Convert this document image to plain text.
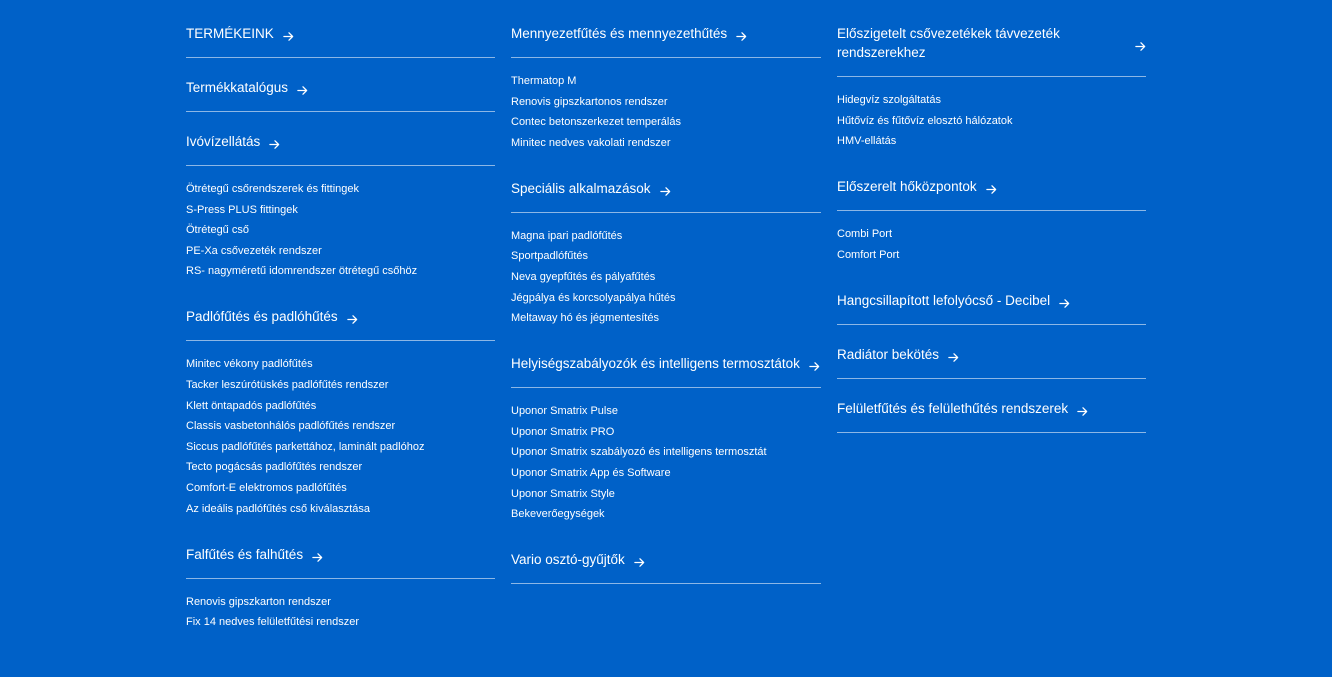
TERMÉKEINK
Termékkatalógus
Ivóvízellátás
Ötrétegű csőrendszerek és fittingek
S-Press PLUS fittingek
Ötrétegű cső
PE-Xa csővezeték rendszer
RS- nagyméretű idomrendszer ötrétegű csőhöz
Padlófűtés és padlóhűtés
Minitec vékony padlófűtés
Tacker leszúrótüskés padlófűtés rendszer
Klett öntapadós padlófűtés
Classis vasbetonhálós padlófűtés rendszer
Siccus padlófűtés parkettához, laminált padlóhoz
Tecto pogácsás padlófűtés rendszer
Comfort-E elektromos padlófűtés
Az ideális padlófűtés cső kiválasztása
Falfűtés és falhűtés
Renovis gipszkarton rendszer
Fix 14 nedves felületfűtési rendszer
Mennyezetfűtés és mennyezethűtés
Thermatop M
Renovis gipszkartonos rendszer
Contec betonszerkezet temperálás
Minitec nedves vakolati rendszer
Speciális alkalmazások
Magna ipari padlófűtés
Sportpadlófűtés
Neva gyepfűtés és pályafűtés
Jégpálya és korcsolyapálya hűtés
Meltaway hó és jégmentesítés
Helyiségszabályozók és intelligens termosztátok
Uponor Smatrix Pulse
Uponor Smatrix PRO
Uponor Smatrix szabályozó és intelligens termosztát
Uponor Smatrix App és Software
Uponor Smatrix Style
Bekeverőegységek
Vario osztó-gyűjtők
Előszigetelt csővezetékek távvezeték rendszerekhez
Hidegvíz szolgáltatás
Hűtővíz és fűtővíz elosztó hálózatok
HMV-ellátás
Előszerelt hőközpontok
Combi Port
Comfort Port
Hangcsillapított lefolyócső - Decibel
Radiátor bekötés
Felületfűtés és felülethűtés rendszerek
